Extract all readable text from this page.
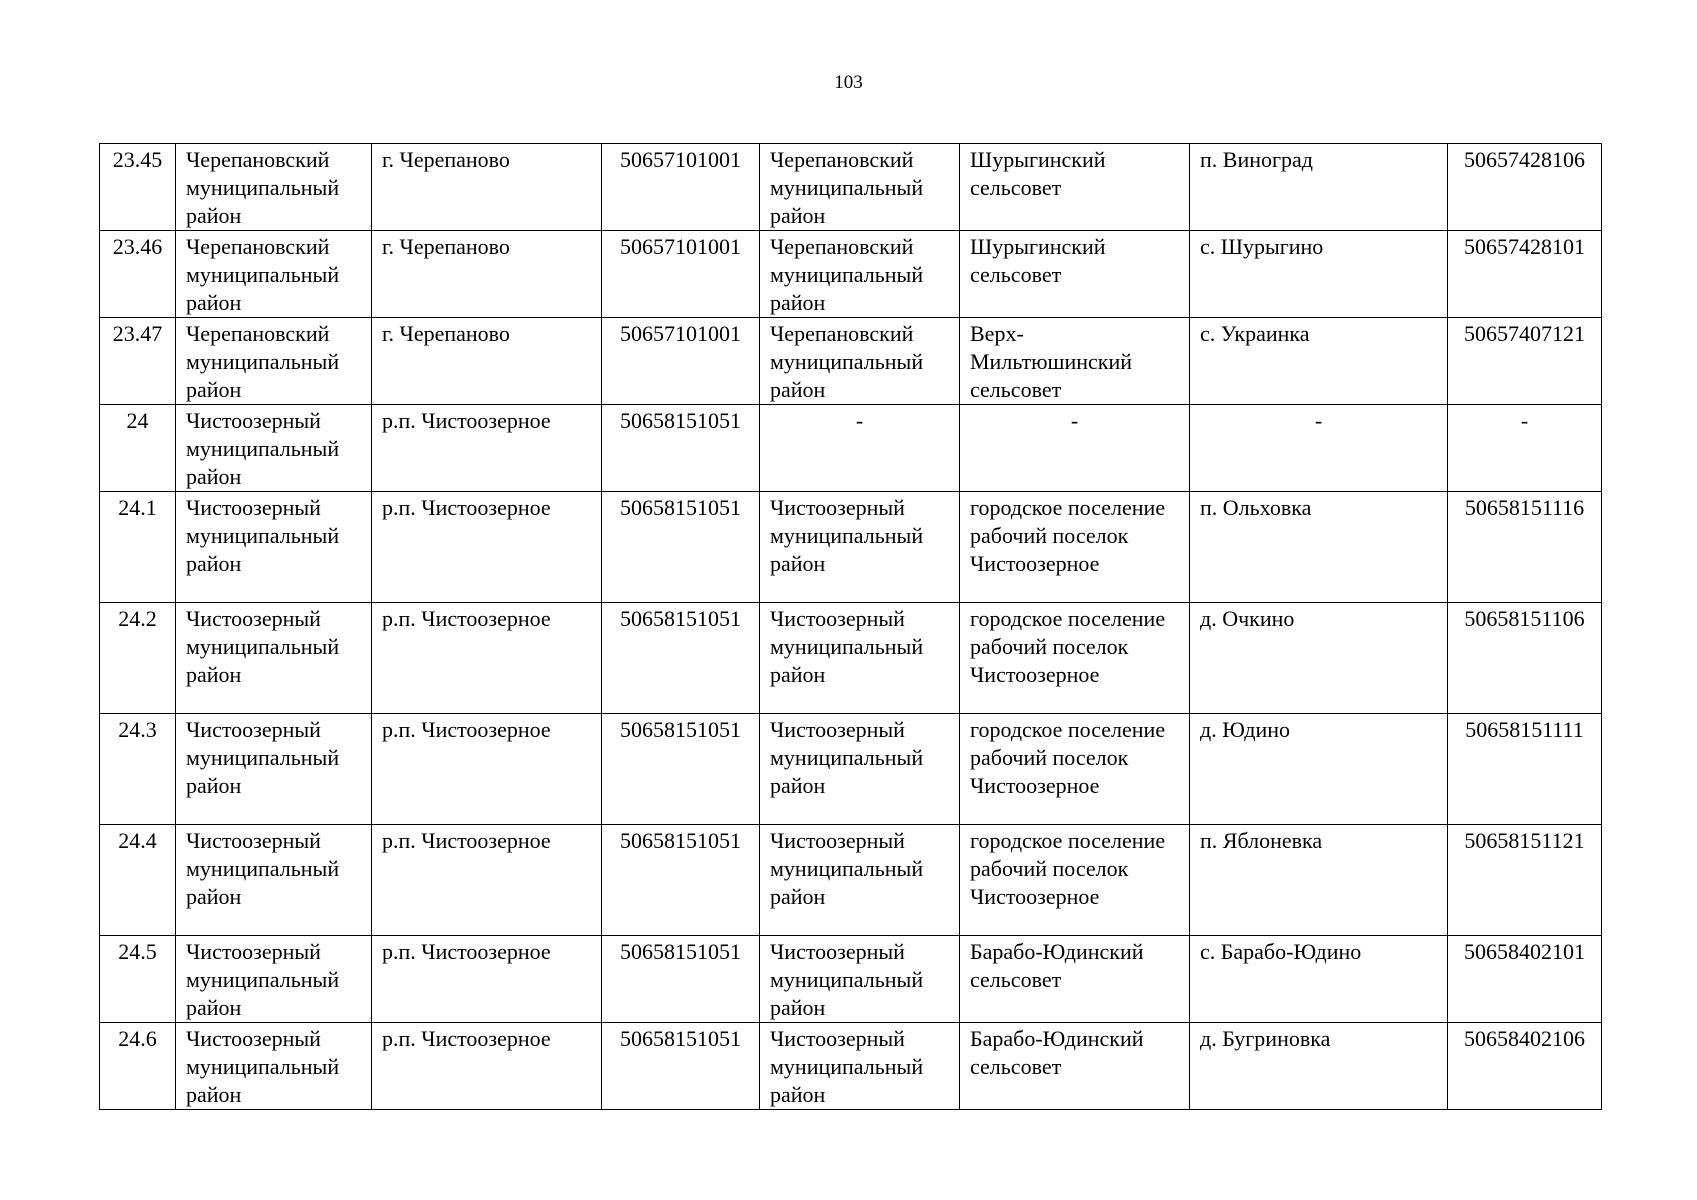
103
23.45	Черепановский муниципальный район	г. Черепаново	50657101001	Черепановский муниципальный район	Шурыгинский сельсовет	п. Виноград	50657428106
23.46	Черепановский муниципальный район	г. Черепаново	50657101001	Черепановский муниципальный район	Шурыгинский сельсовет	с. Шурыгино	50657428101
23.47	Черепановский муниципальный район	г. Черепаново	50657101001	Черепановский муниципальный район	Верх-Мильтюшинский сельсовет	с. Украинка	50657407121
24	Чистоозерный муниципальный район	р.п. Чистоозерное	50658151051	-	-	-	-
24.1	Чистоозерный муниципальный район	р.п. Чистоозерное	50658151051	Чистоозерный муниципальный район	городское поселение рабочий поселок Чистоозерное	п. Ольховка	50658151116
24.2	Чистоозерный муниципальный район	р.п. Чистоозерное	50658151051	Чистоозерный муниципальный район	городское поселение рабочий поселок Чистоозерное	д. Очкино	50658151106
24.3	Чистоозерный муниципальный район	р.п. Чистоозерное	50658151051	Чистоозерный муниципальный район	городское поселение рабочий поселок Чистоозерное	д. Юдино	50658151111
24.4	Чистоозерный муниципальный район	р.п. Чистоозерное	50658151051	Чистоозерный муниципальный район	городское поселение рабочий поселок Чистоозерное	п. Яблоневка	50658151121
24.5	Чистоозерный муниципальный район	р.п. Чистоозерное	50658151051	Чистоозерный муниципальный район	Барабо-Юдинский сельсовет	с. Барабо-Юдино	50658402101
24.6	Чистоозерный муниципальный район	р.п. Чистоозерное	50658151051	Чистоозерный муниципальный район	Барабо-Юдинский сельсовет	д. Бугриновка	50658402106
